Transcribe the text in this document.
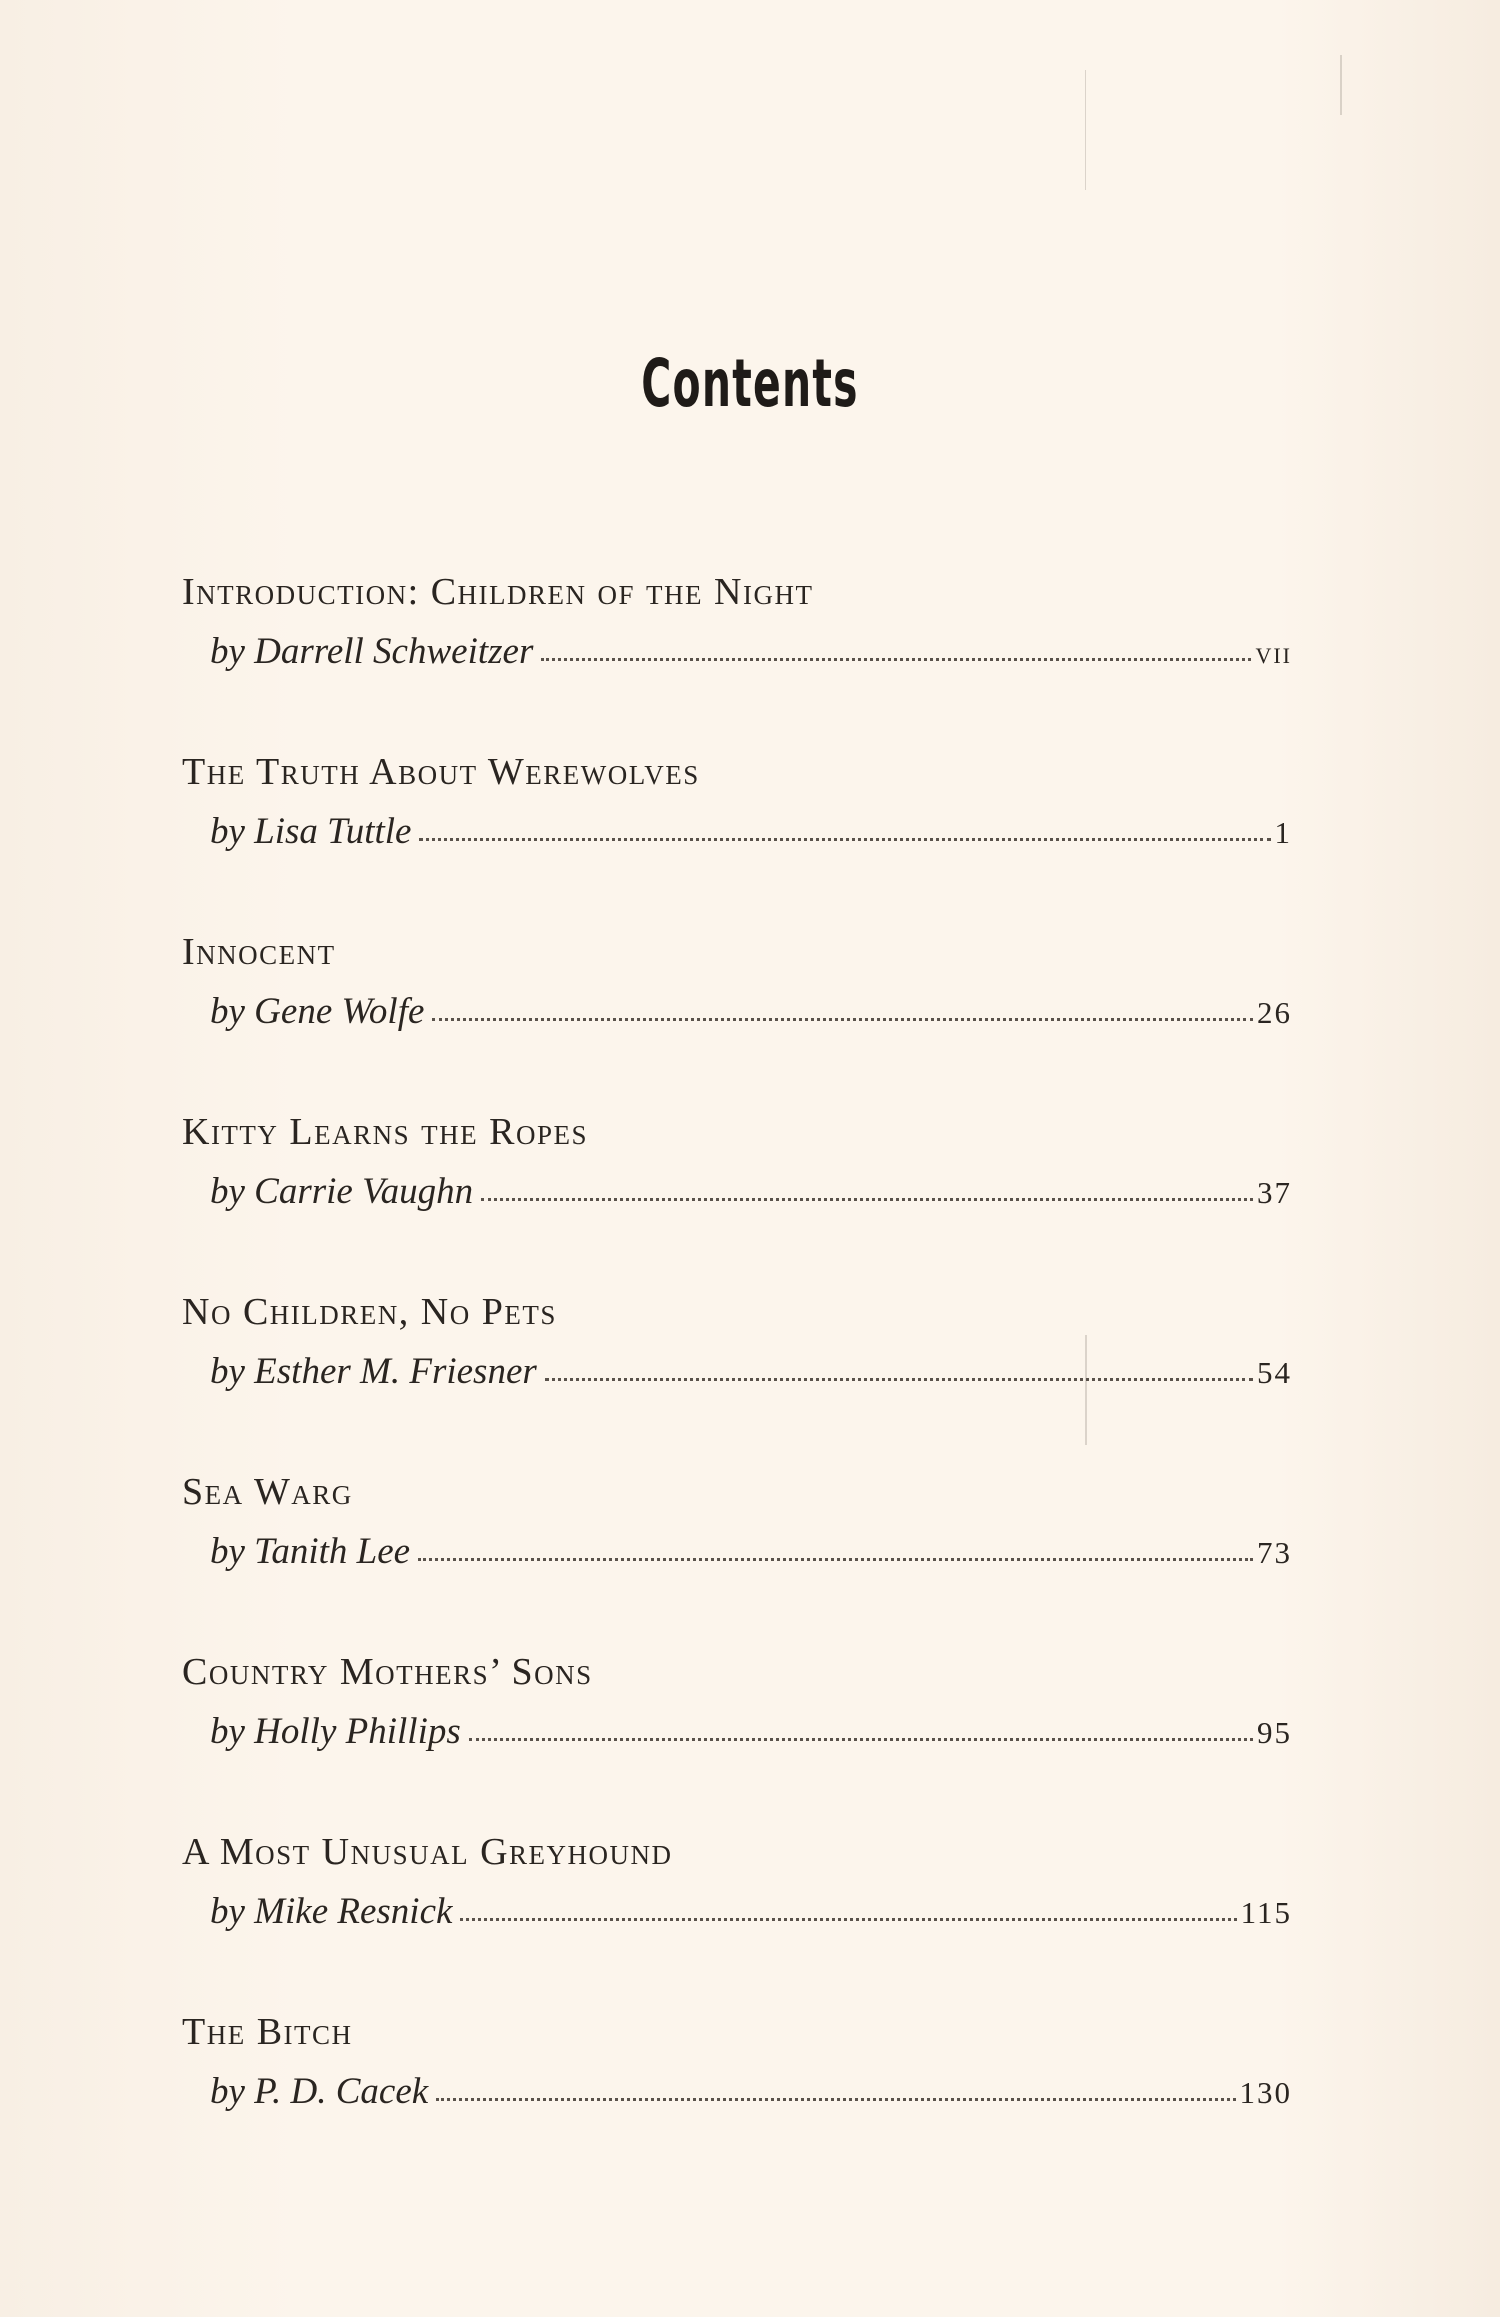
Contents
Introduction: Children of the Night
by Darrell Schweitzer	vii
The Truth About Werewolves
by Lisa Tuttle	1
Innocent
by Gene Wolfe	26
Kitty Learns the Ropes
by Carrie Vaughn	37
No Children, No Pets
by Esther M. Friesner	54
Sea Warg
by Tanith Lee	73
Country Mothers’ Sons
by Holly Phillips	95
A Most Unusual Greyhound
by Mike Resnick	115
The Bitch
by P. D. Cacek	130
